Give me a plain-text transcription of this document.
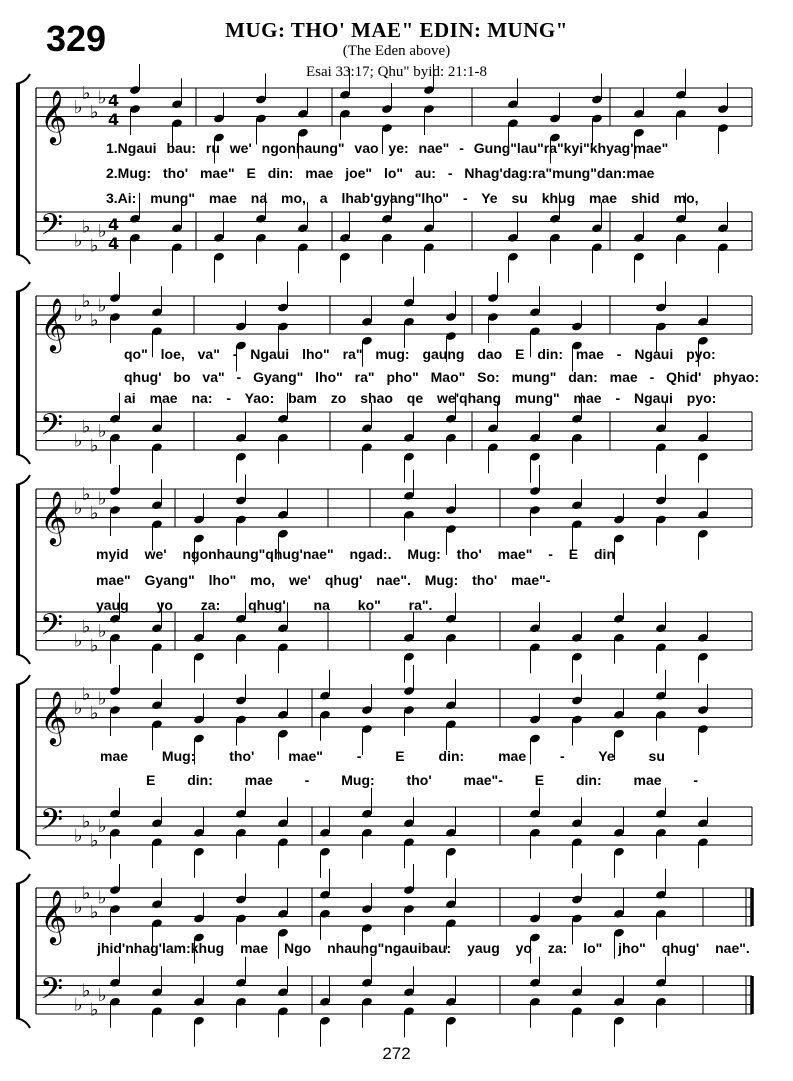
329	MUG: THO' MAE" EDIN: MUNG"
(The Eden above)
Esai 33:17; Qhu" byid: 21:1-8
𝄞
𝄢
♭
♭
♭
♭
♭
♭
♭
♭
4
4
4
4
𝄞
𝄢
♭
♭
♭
♭
♭
♭
♭
♭
𝄞
𝄢
♭
♭
♭
♭
♭
♭
♭
♭
𝄞
𝄢
♭
♭
♭
♭
♭
♭
♭
♭
𝄞
𝄢
♭
♭
♭
♭
♭
♭
♭
♭
1.Ngaui bau: ru we' ngonhaung" vao ye: nae" - Gung"lau"ra"kyi"khyag'mae"
2.Mug: tho' mae" E din: mae joe" lo" au: - Nhag'dag:ra"mung"dan:mae
3.Ai: mung" mae na mo, a lhab'gyang"lho" - Ye su khug mae shid mo,
qo" loe, va" - Ngaui lho" ra" mug: gaung dao E din: mae - Ngaui pyo:
qhug' bo va" - Gyang" lho" ra" pho" Mao" So: mung" dan: mae - Qhid' phyao:
ai mae na: - Yao: bam zo shao qe we'qhang mung" mae - Ngaui pyo:
myid we' ngonhaung"qhug'nae" ngad:. Mug: tho' mae" - E din
mae" Gyang" lho" mo, we' qhug' nae". Mug: tho' mae"-
yaug yo za: qhug' na ko" ra".
mae Mug: tho' mae" - E din: mae - Ye su
E din: mae - Mug: tho' mae"- E din: mae -
jhid'nhag'lam:khug mae Ngo nhaung"ngauibau: yaug yo za: lo" jho" qhug' nae".
272
